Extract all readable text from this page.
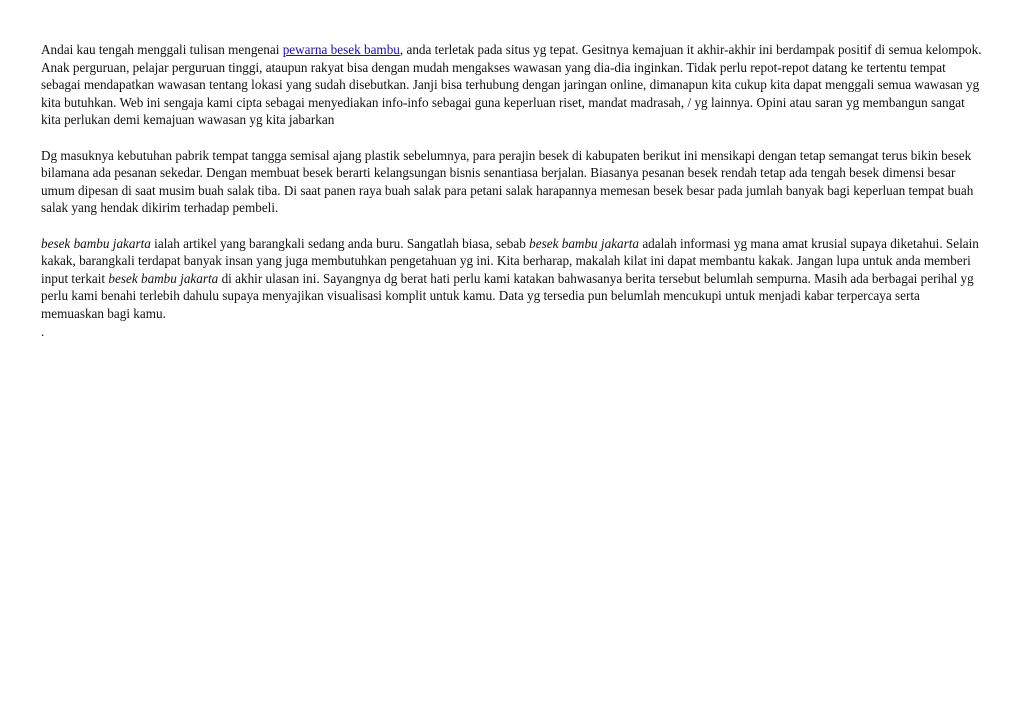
Andai kau tengah menggali tulisan mengenai pewarna besek bambu, anda terletak pada situs yg tepat. Gesitnya kemajuan it akhir-akhir ini berdampak positif di semua kelompok. Anak perguruan, pelajar perguruan tinggi, ataupun rakyat bisa dengan mudah mengakses wawasan yang dia-dia inginkan. Tidak perlu repot-repot datang ke tertentu tempat sebagai mendapatkan wawasan tentang lokasi yang sudah disebutkan. Janji bisa terhubung dengan jaringan online, dimanapun kita cukup kita dapat menggali semua wawasan yg kita butuhkan. Web ini sengaja kami cipta sebagai menyediakan info-info sebagai guna keperluan riset, mandat madrasah, / yg lainnya. Opini atau saran yg membangun sangat kita perlukan demi kemajuan wawasan yg kita jabarkan

Dg masuknya kebutuhan pabrik tempat tangga semisal ajang plastik sebelumnya, para perajin besek di kabupaten berikut ini mensikapi dengan tetap semangat terus bikin besek bilamana ada pesanan sekedar. Dengan membuat besek berarti kelangsungan bisnis senantiasa berjalan. Biasanya pesanan besek rendah tetap ada tengah besek dimensi besar umum dipesan di saat musim buah salak tiba. Di saat panen raya buah salak para petani salak harapannya memesan besek besar pada jumlah banyak bagi keperluan tempat buah salak yang hendak dikirim terhadap pembeli.

besek bambu jakarta ialah artikel yang barangkali sedang anda buru. Sangatlah biasa, sebab besek bambu jakarta adalah informasi yg mana amat krusial supaya diketahui. Selain kakak, barangkali terdapat banyak insan yang juga membutuhkan pengetahuan yg ini. Kita berharap, makalah kilat ini dapat membantu kakak. Jangan lupa untuk anda memberi input terkait besek bambu jakarta di akhir ulasan ini. Sayangnya dg berat hati perlu kami katakan bahwasanya berita tersebut belumlah sempurna. Masih ada berbagai perihal yg perlu kami benahi terlebih dahulu supaya menyajikan visualisasi komplit untuk kamu. Data yg tersedia pun belumlah mencukupi untuk menjadi kabar terpercaya serta memuaskan bagi kamu.

.
